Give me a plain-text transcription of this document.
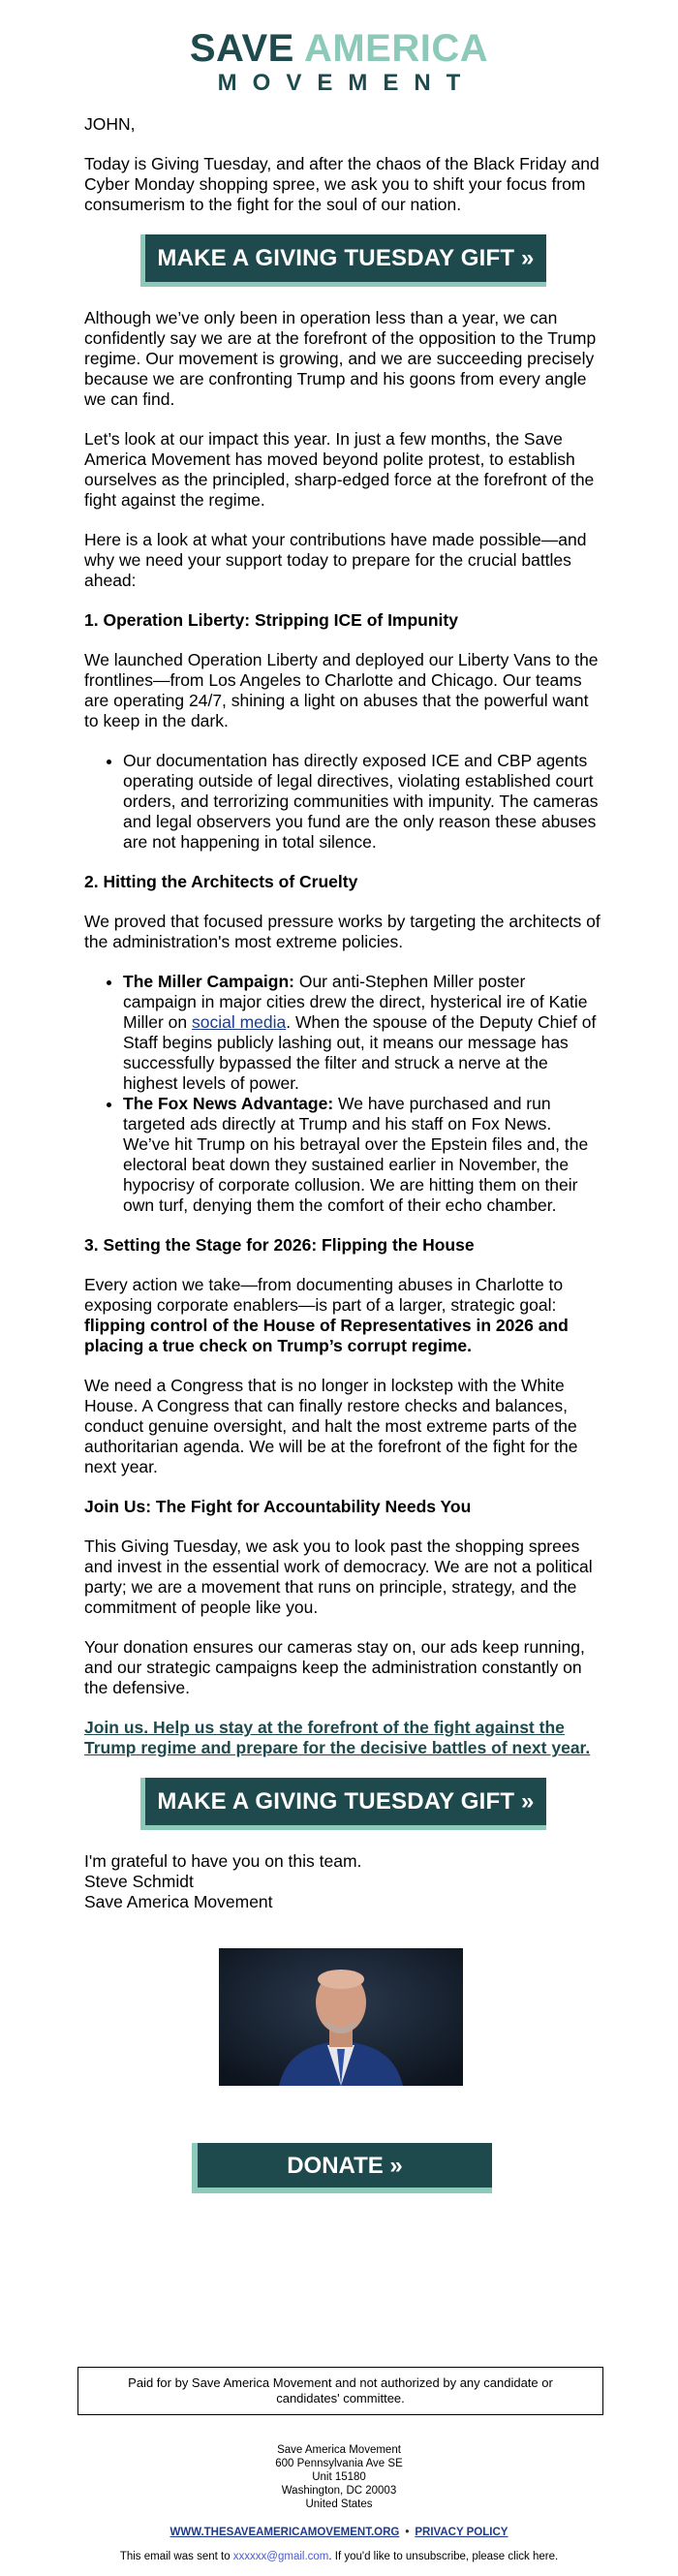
SAVE AMERICA
MOVEMENT

JOHN,

Today is Giving Tuesday, and after the chaos of the Black Friday and Cyber Monday shopping spree, we ask you to shift your focus from consumerism to the fight for the soul of our nation.

MAKE A GIVING TUESDAY GIFT »

Although we’ve only been in operation less than a year, we can confidently say we are at the forefront of the opposition to the Trump regime. Our movement is growing, and we are succeeding precisely because we are confronting Trump and his goons from every angle we can find.

Let’s look at our impact this year. In just a few months, the Save America Movement has moved beyond polite protest, to establish ourselves as the principled, sharp-edged force at the forefront of the fight against the regime.

Here is a look at what your contributions have made possible—and why we need your support today to prepare for the crucial battles ahead:

1. Operation Liberty: Stripping ICE of Impunity

We launched Operation Liberty and deployed our Liberty Vans to the frontlines—from Los Angeles to Charlotte and Chicago. Our teams are operating 24/7, shining a light on abuses that the powerful want to keep in the dark.

• Our documentation has directly exposed ICE and CBP agents operating outside of legal directives, violating established court orders, and terrorizing communities with impunity. The cameras and legal observers you fund are the only reason these abuses are not happening in total silence.
2. Hitting the Architects of Cruelty

We proved that focused pressure works by targeting the architects of the administration's most extreme policies.

• The Miller Campaign: Our anti-Stephen Miller poster campaign in major cities drew the direct, hysterical ire of Katie Miller on social media. When the spouse of the Deputy Chief of Staff begins publicly lashing out, it means our message has successfully bypassed the filter and struck a nerve at the highest levels of power.
• The Fox News Advantage: We have purchased and run targeted ads directly at Trump and his staff on Fox News. We’ve hit Trump on his betrayal over the Epstein files and, the electoral beat down they sustained earlier in November, the hypocrisy of corporate collusion. We are hitting them on their own turf, denying them the comfort of their echo chamber.
3. Setting the Stage for 2026: Flipping the House

Every action we take—from documenting abuses in Charlotte to exposing corporate enablers—is part of a larger, strategic goal: flipping control of the House of Representatives in 2026 and placing a true check on Trump’s corrupt regime.

We need a Congress that is no longer in lockstep with the White House. A Congress that can finally restore checks and balances, conduct genuine oversight, and halt the most extreme parts of the authoritarian agenda. We will be at the forefront of the fight for the next year.

Join Us: The Fight for Accountability Needs You

This Giving Tuesday, we ask you to look past the shopping sprees and invest in the essential work of democracy. We are not a political party; we are a movement that runs on principle, strategy, and the commitment of people like you.

Your donation ensures our cameras stay on, our ads keep running, and our strategic campaigns keep the administration constantly on the defensive.

Join us. Help us stay at the forefront of the fight against the Trump regime and prepare for the decisive battles of next year.

MAKE A GIVING TUESDAY GIFT »

I'm grateful to have you on this team.
Steve Schmidt
Save America Movement

DONATE »
Paid for by Save America Movement and not authorized by any candidate or candidates' committee.
Save America Movement
600 Pennsylvania Ave SE
Unit 15180
Washington, DC 20003
United States
WWW.THESAVEAMERICAMOVEMENT.ORG • PRIVACY POLICY
This email was sent to xxxxxx@gmail.com. If you'd like to unsubscribe, please click here.
